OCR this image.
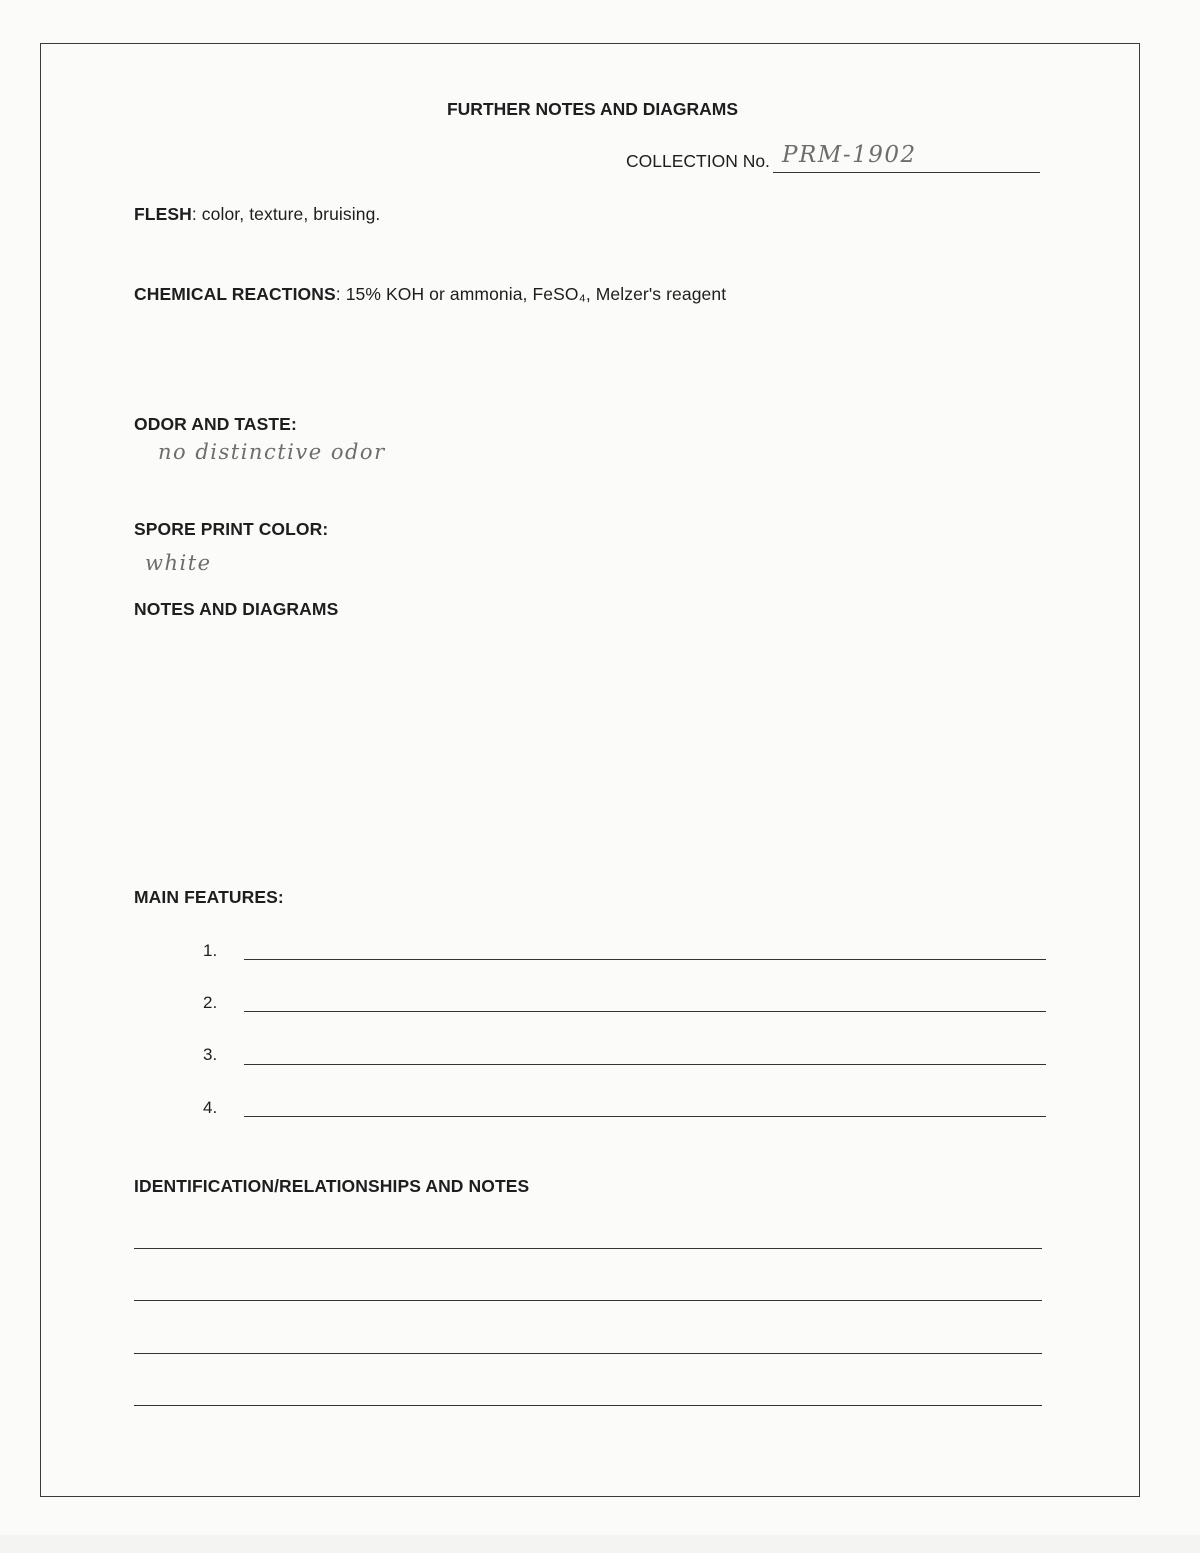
FURTHER NOTES AND DIAGRAMS
COLLECTION No. PRM-1902
FLESH: color, texture, bruising.
CHEMICAL REACTIONS: 15% KOH or ammonia, FeSO₄, Melzer's reagent
ODOR AND TASTE:
no distinctive odor
SPORE PRINT COLOR:
white
NOTES AND DIAGRAMS
MAIN FEATURES:
1.
2.
3.
4.
IDENTIFICATION/RELATIONSHIPS AND NOTES
